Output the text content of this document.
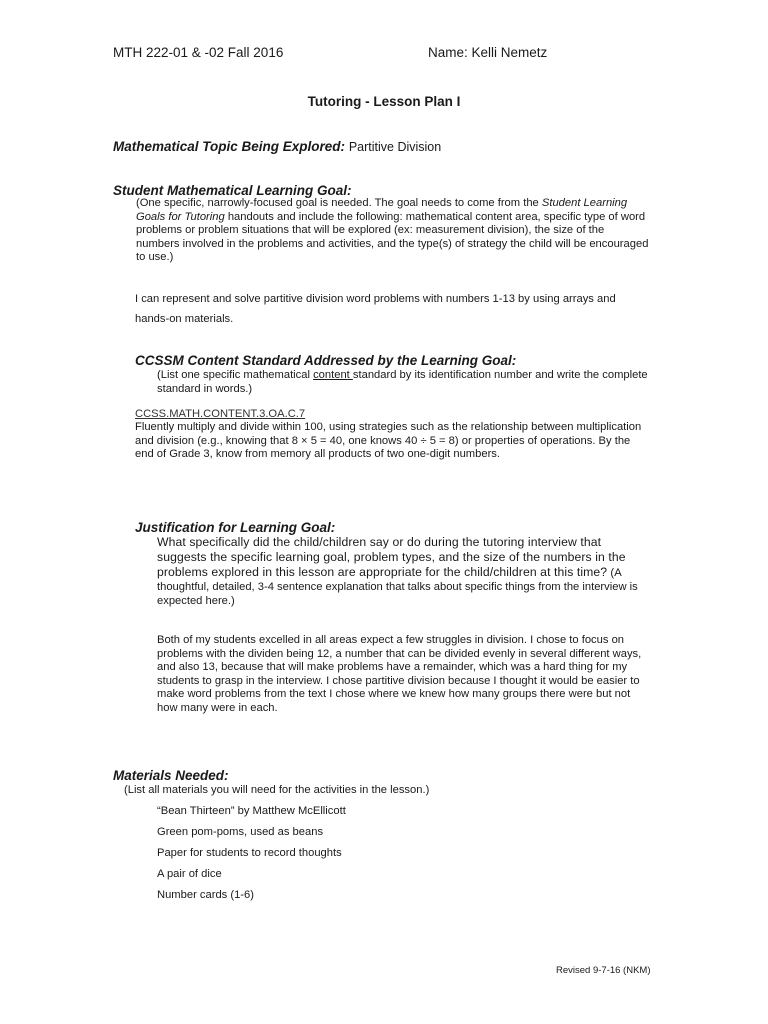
MTH 222-01 & -02 Fall 2016	Name: Kelli Nemetz
Tutoring - Lesson Plan I
Mathematical Topic Being Explored: Partitive Division
Student Mathematical Learning Goal:
(One specific, narrowly-focused goal is needed. The goal needs to come from the Student Learning
Goals for Tutoring handouts and include the following: mathematical content area, specific type of word
problems or problem situations that will be explored (ex: measurement division), the size of the
numbers involved in the problems and activities, and the type(s) of strategy the child will be encouraged
to use.)
I can represent and solve partitive division word problems with numbers 1-13 by using arrays and
hands-on materials.
CCSSM Content Standard Addressed by the Learning Goal:
(List one specific mathematical content standard by its identification number and write the complete
standard in words.)
CCSS.MATH.CONTENT.3.OA.C.7
Fluently multiply and divide within 100, using strategies such as the relationship between multiplication
and division (e.g., knowing that 8 × 5 = 40, one knows 40 ÷ 5 = 8) or properties of operations. By the
end of Grade 3, know from memory all products of two one-digit numbers.
Justification for Learning Goal:
What specifically did the child/children say or do during the tutoring interview that
suggests the specific learning goal, problem types, and the size of the numbers in the
problems explored in this lesson are appropriate for the child/children at this time? (A
thoughtful, detailed, 3-4 sentence explanation that talks about specific things from the interview is
expected here.)
Both of my students excelled in all areas expect a few struggles in division. I chose to focus on
problems with the dividen being 12, a number that can be divided evenly in several different ways,
and also 13, because that will make problems have a remainder, which was a hard thing for my
students to grasp in the interview. I chose partitive division because I thought it would be easier to
make word problems from the text I chose where we knew how many groups there were but not
how many were in each.
Materials Needed:
(List all materials you will need for the activities in the lesson.)
“Bean Thirteen” by Matthew McEllicott
Green pom-poms, used as beans
Paper for students to record thoughts
A pair of dice
Number cards (1-6)
Revised 9-7-16 (NKM)
